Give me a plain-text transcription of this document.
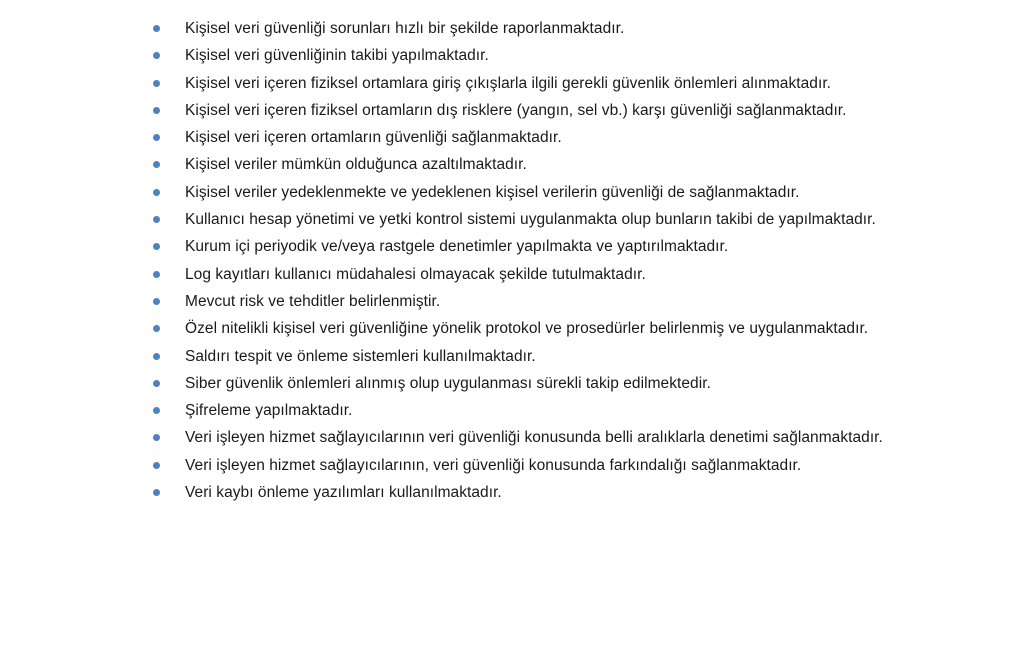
Kişisel veri güvenliği sorunları hızlı bir şekilde raporlanmaktadır.
Kişisel veri güvenliğinin takibi yapılmaktadır.
Kişisel veri içeren fiziksel ortamlara giriş çıkışlarla ilgili gerekli güvenlik önlemleri alınmaktadır.
Kişisel veri içeren fiziksel ortamların dış risklere (yangın, sel vb.) karşı güvenliği sağlanmaktadır.
Kişisel veri içeren ortamların güvenliği sağlanmaktadır.
Kişisel veriler mümkün olduğunca azaltılmaktadır.
Kişisel veriler yedeklenmekte ve yedeklenen kişisel verilerin güvenliği de sağlanmaktadır.
Kullanıcı hesap yönetimi ve yetki kontrol sistemi uygulanmakta olup bunların takibi de yapılmaktadır.
Kurum içi periyodik ve/veya rastgele denetimler yapılmakta ve yaptırılmaktadır.
Log kayıtları kullanıcı müdahalesi olmayacak şekilde tutulmaktadır.
Mevcut risk ve tehditler belirlenmiştir.
Özel nitelikli kişisel veri güvenliğine yönelik protokol ve prosedürler belirlenmiş ve uygulanmaktadır.
Saldırı tespit ve önleme sistemleri kullanılmaktadır.
Siber güvenlik önlemleri alınmış olup uygulanması sürekli takip edilmektedir.
Şifreleme yapılmaktadır.
Veri işleyen hizmet sağlayıcılarının veri güvenliği konusunda belli aralıklarla denetimi sağlanmaktadır.
Veri işleyen hizmet sağlayıcılarının, veri güvenliği konusunda farkındalığı sağlanmaktadır.
Veri kaybı önleme yazılımları kullanılmaktadır.
